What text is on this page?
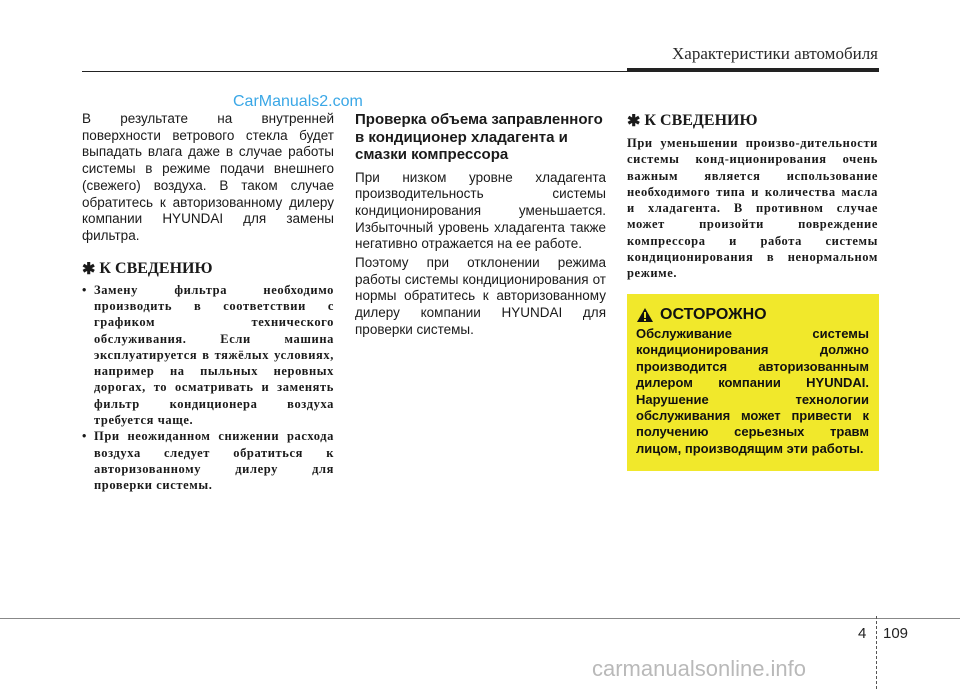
Характеристики автомобиля
CarManuals2.com

В результате на внутренней поверхности ветрового стекла будет выпадать влага даже в случае работы системы в режиме подачи внешнего (свежего) воздуха. В таком случае обратитесь к авторизованному дилеру компании HYUNDAI для замены фильтра.

✱ К СВЕДЕНИЮ
• Замену фильтра необходимо производить в соответствии с графиком технического обслуживания. Если машина эксплуатируется в тяжёлых условиях, например на пыльных неровных дорогах, то осматривать и заменять фильтр кондиционера воздуха требуется чаще.
• При неожиданном снижении расхода воздуха следует обратиться к авторизованному дилеру для проверки системы.

Проверка объема заправленного в кондиционер хладагента и смазки компрессора

При низком уровне хладагента производительность системы кондиционирования уменьшается. Избыточный уровень хладагента также негативно отражается на ее работе.

Поэтому при отклонении режима работы системы кондиционирования от нормы обратитесь к авторизованному дилеру компании HYUNDAI для проверки системы.

✱ К СВЕДЕНИЮ

При уменьшении произво-дительности системы конд-иционирования очень важным является использование необходимого типа и количества масла и хладагента. В противном случае может произойти повреждение компрессора и работа системы кондиционирования в ненормальном режиме.

ОСТОРОЖНО

Обслуживание системы кондиционирования должно производится авторизованным дилером компании HYUNDAI. Нарушение технологии обслуживания может привести к получению серьезных травм лицом, производящим эти работы.

4 109
carmanualsonline.info
